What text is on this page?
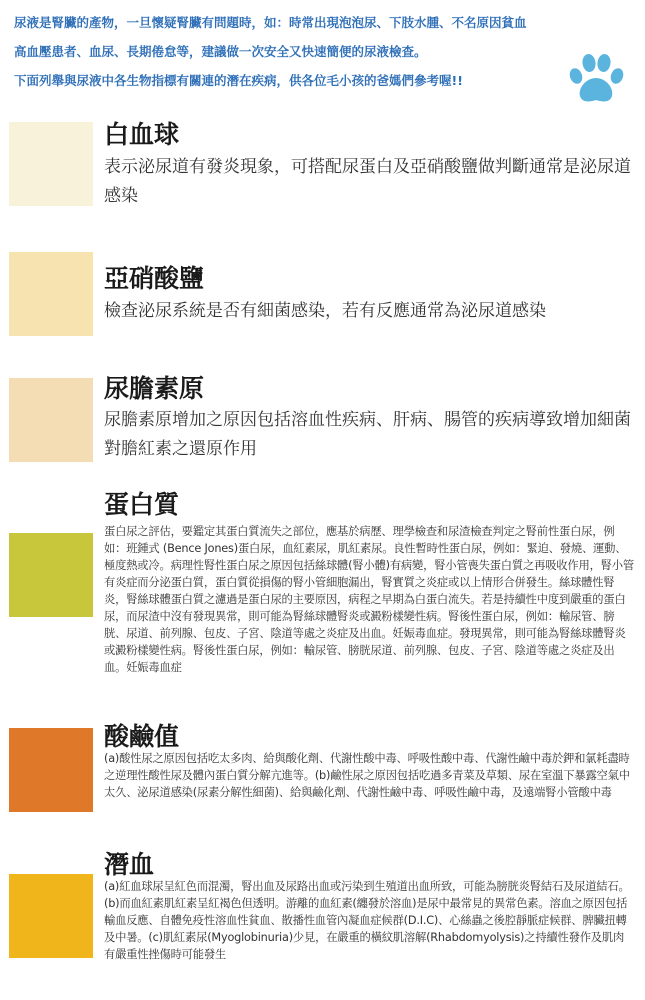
尿液是腎臟的產物，一旦懷疑腎臟有問題時，如：時常出現泡泡尿、下肢水腫、不名原因貧血

高血壓患者、血尿、長期倦怠等，建議做一次安全又快速簡便的尿液檢查。

下面列舉與尿液中各生物指標有關連的潛在疾病，供各位毛小孩的爸媽們參考喔!!

白血球

表示泌尿道有發炎現象，可搭配尿蛋白及亞硝酸鹽做判斷通常是泌尿道感染

亞硝酸鹽

檢查泌尿系統是否有細菌感染，若有反應通常為泌尿道感染

尿膽素原

尿膽素原增加之原因包括溶血性疾病、肝病、腸管的疾病導致增加細菌對膽紅素之還原作用

蛋白質

蛋白尿之評估，要鑑定其蛋白質流失之部位，應基於病歷、理學檢查和尿渣檢查判定之腎前性蛋白尿，例如：班鍾式 (Bence Jones)蛋白尿，血紅素尿，肌紅素尿。良性暫時性蛋白尿，例如：緊迫、發燒、運動、極度熱或冷。病理性腎性蛋白尿之原因包括絲球體(腎小體)有病變，腎小管喪失蛋白質之再吸收作用，腎小管有炎症而分泌蛋白質，蛋白質從損傷的腎小管細胞漏出，腎實質之炎症或以上情形合併發生。絲球體性腎炎，腎絲球體蛋白質之濾過是蛋白尿的主要原因，病程之早期為白蛋白流失。若是持續性中度到嚴重的蛋白尿，而尿渣中沒有發現異常，則可能為腎絲球體腎炎或澱粉樣變性病。腎後性蛋白尿，例如：輸尿管、膀胱、尿道、前列腺、包皮、子宮、陰道等處之炎症及出血。妊娠毒血症。發現異常，則可能為腎絲球體腎炎或澱粉樣變性病。腎後性蛋白尿，例如：輸尿管、膀胱尿道、前列腺、包皮、子宮、陰道等處之炎症及出血。妊娠毒血症

酸鹼值

(a)酸性尿之原因包括吃太多肉、給與酸化劑、代謝性酸中毒、呼吸性酸中毒、代謝性鹼中毒於鉀和氯耗盡時之逆理性酸性尿及體內蛋白質分解亢進等。(b)鹼性尿之原因包括吃過多青菜及草類、尿在室溫下暴露空氣中太久、泌尿道感染(尿素分解性細菌)、給與鹼化劑、代謝性鹼中毒、呼吸性鹼中毒，及遠端腎小管酸中毒

潛血

(a)紅血球尿呈紅色而混濁，腎出血及尿路出血或污染到生殖道出血所致，可能為膀胱炎腎結石及尿道結石。(b)而血紅素肌紅素呈紅褐色但透明。游離的血紅素(纏發於溶血)是尿中最常見的異常色素。溶血之原因包括輸血反應、自體免疫性溶血性貧血、散播性血管內凝血症候群(D.I.C)、心絲蟲之後腔靜脈症候群、脾臟扭轉及中暑。(c)肌紅素尿(Myoglobinuria)少見，在嚴重的橫紋肌溶解(Rhabdomyolysis)之持續性發作及肌肉有嚴重性挫傷時可能發生
